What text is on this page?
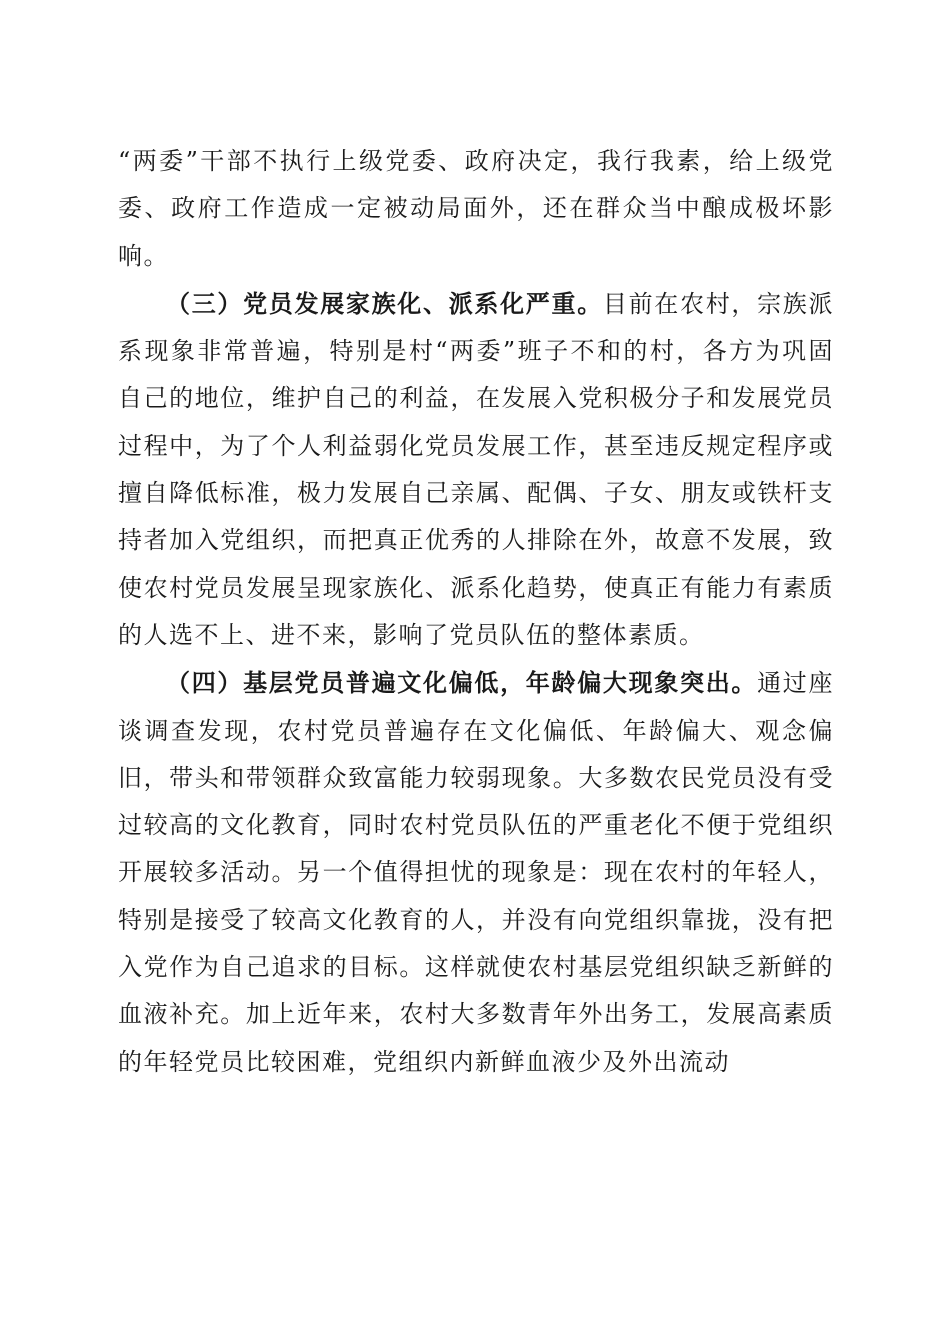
“两委”干部不执行上级党委、政府决定，我行我素，给上级党委、政府工作造成一定被动局面外，还在群众当中酿成极坏影响。

（三）党员发展家族化、派系化严重。目前在农村，宗族派系现象非常普遍，特别是村“两委”班子不和的村，各方为巩固自己的地位，维护自己的利益，在发展入党积极分子和发展党员过程中，为了个人利益弱化党员发展工作，甚至违反规定程序或擅自降低标准，极力发展自己亲属、配偶、子女、朋友或铁杆支持者加入党组织，而把真正优秀的人排除在外，故意不发展，致使农村党员发展呈现家族化、派系化趋势，使真正有能力有素质的人选不上、进不来，影响了党员队伍的整体素质。

（四）基层党员普遍文化偏低，年龄偏大现象突出。通过座谈调查发现，农村党员普遍存在文化偏低、年龄偏大、观念偏旧，带头和带领群众致富能力较弱现象。大多数农民党员没有受过较高的文化教育，同时农村党员队伍的严重老化不便于党组织开展较多活动。另一个值得担忧的现象是：现在农村的年轻人，特别是接受了较高文化教育的人，并没有向党组织靠拢，没有把入党作为自己追求的目标。这样就使农村基层党组织缺乏新鲜的血液补充。加上近年来，农村大多数青年外出务工，发展高素质的年轻党员比较困难，党组织内新鲜血液少及外出流动
